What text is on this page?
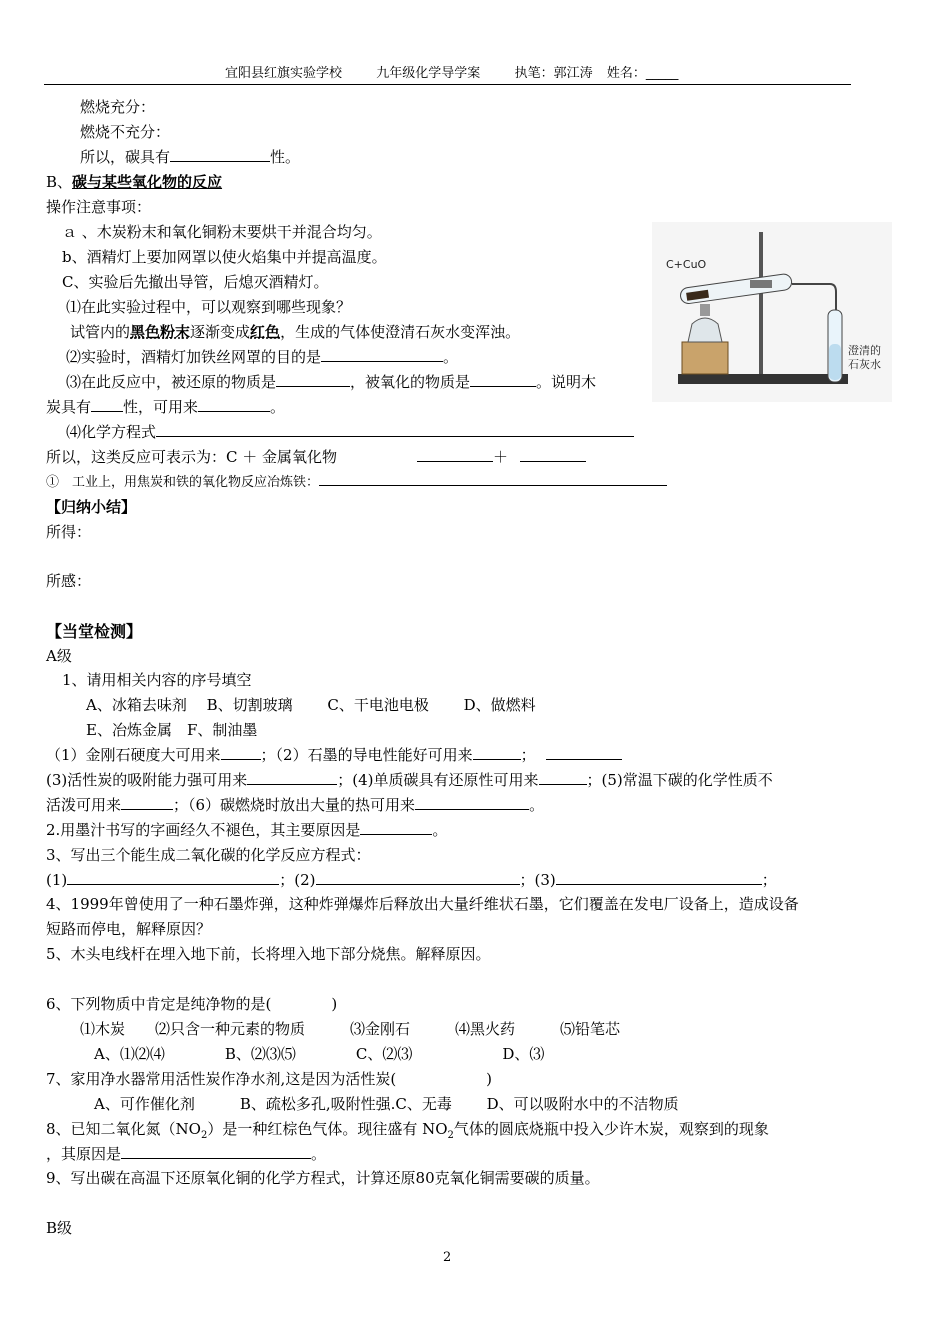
宜阳县红旗实验学校	九年级化学导学案	执笔：郭江涛 姓名：_____
燃烧充分：
燃烧不充分：
所以，碳具有	性。
B、碳与某些氧化物的反应
操作注意事项：
ａ 、木炭粉末和氧化铜粉末要烘干并混合均匀。
b、酒精灯上要加网罩以使火焰集中并提高温度。
C、实验后先撤出导管，后熄灭酒精灯。
⑴在此实验过程中，可以观察到哪些现象？
试管内的黑色粉末逐渐变成红色，生成的气体使澄清石灰水变浑浊。
⑵实验时，酒精灯加铁丝网罩的目的是	。
⑶在此反应中，被还原的物质是	，被氧化的物质是	。说明木
炭具有 性，可用来	。
⑷化学方程式
所以，这类反应可表示为：C ＋ 金属氧化物	＋
①　工业上，用焦炭和铁的氧化物反应冶炼铁：
C+CuO
澄清的
石灰水
【归纳小结】
所得：
所感：
【当堂检测】
A级
1、请用相关内容的序号填空
A、冰箱去味剂　 B、切割玻璃　　 C、干电池电极　　 D、做燃料
E、冶炼金属　F、制油墨
（1）金刚石硬度大可用来	；（2）石墨的导电性能好可用来	；
(3)活性炭的吸附能力强可用来	；(4)单质碳具有还原性可用来	；(5)常温下碳的化学性质不
活泼可用来	；（6）碳燃烧时放出大量的热可用来	。
2.用墨汁书写的字画经久不褪色，其主要原因是	。
3、写出三个能生成二氧化碳的化学反应方程式：
(1)	；(2)	；(3)	；
4、1999年曾使用了一种石墨炸弹，这种炸弹爆炸后释放出大量纤维状石墨，它们覆盖在发电厂设备上，造成设备
短路而停电，解释原因？
5、木头电线杆在埋入地下前，长将埋入地下部分烧焦。解释原因。
6、下列物质中肯定是纯净物的是(　　　　)
⑴木炭　　⑵只含一种元素的物质　　　⑶金刚石　　　⑷黑火药　　　⑸铅笔芯
A、⑴⑵⑷　　　　B、⑵⑶⑸　　　　C、⑵⑶　　　　　　D、⑶
7、家用净水器常用活性炭作净水剂,这是因为活性炭(　　　　　　)
A、可作催化剂　　　B、疏松多孔,吸附性强.C、无毒　　 D、可以吸附水中的不洁物质
8、已知二氧化氮$(NO_2)$是一种红棕色气体。现往盛有 $NO_2$气体的圆底烧瓶中投入少许木炭，观察到的现象
，其原因是	。
9、写出碳在高温下还原氧化铜的化学方程式，计算还原80克氧化铜需要碳的质量。
B级
2
